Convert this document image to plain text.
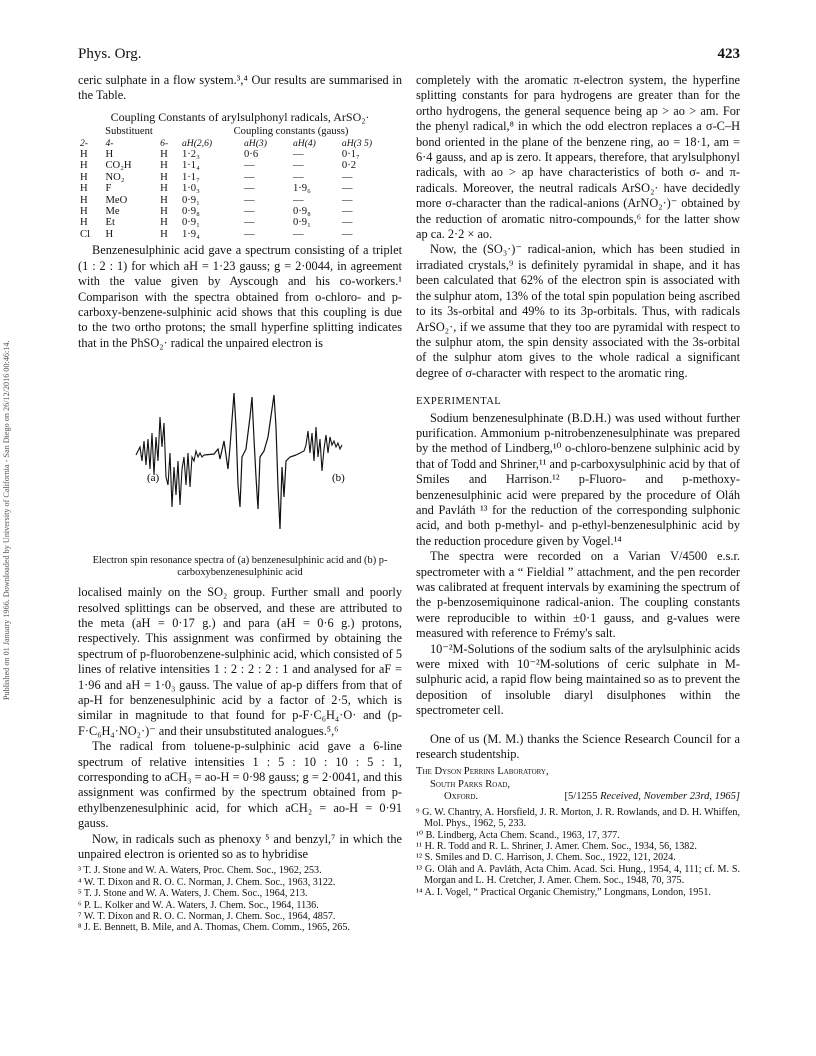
Published on 01 January 1966. Downloaded by University of California - San Diego on 26/12/2016 00:46:14.
Phys. Org.	423

ceric sulphate in a flow system.³,⁴ Our results are summarised in the Table.

Coupling Constants of arylsulphonyl radicals, ArSO₂·
Substituent			Coupling constants (gauss)			
2-	4-	6-	aH(2,6)	aH(3)	aH(4)	aH(3 5)
H	H	H	1·2₃	0·6	—	0·1₇
H	CO₂H	H	1·1₄	—	—	0·2
H	NO₂	H	1·1₇	—	—	—
H	F	H	1·0₃	—	1·9₆	—
H	MeO	H	0·9₁	—	—	—
H	Me	H	0·9₈	—	0·9₈	—
H	Et	H	0·9₁	—	0·9₁	—
Cl	H	H	1·9₄	—	—	—

Benzenesulphinic acid gave a spectrum consisting of a triplet (1 : 2 : 1) for which aH = 1·23 gauss; g = 2·0044, in agreement with the value given by Ayscough and his co-workers.¹ Comparison with the spectra obtained from o-chloro- and p-carboxy-benzene-sulphinic acid shows that this coupling is due to the two ortho protons; the small hyperfine splitting indicates that in the PhSO₂· radical the unpaired electron is

(a)	(b)
Electron spin resonance spectra of (a) benzenesulphinic acid and (b) p-carboxybenzenesulphinic acid

localised mainly on the SO₂ group. Further small and poorly resolved splittings can be observed, and these are attributed to the meta (aH = 0·17 g.) and para (aH = 0·6 g.) protons, respectively. This assignment was confirmed by obtaining the spectrum of p-fluorobenzene-sulphinic acid, which consisted of 5 lines of relative intensities 1 : 2 : 2 : 2 : 1 and analysed for aF = 1·96 and aH = 1·0₃ gauss. The value of ap-p differs from that of ap-H for benzenesulphinic acid by a factor of 2·5, which is similar in magnitude to that found for p-F·C₆H₄·O· and (p-F·C₆H₄·NO₂·)⁻ and their unsubstituted analogues.⁵,⁶

The radical from toluene-p-sulphinic acid gave a 6-line spectrum of relative intensities 1 : 5 : 10 : 10 : 5 : 1, corresponding to aCH₃ = ao-H = 0·98 gauss; g = 2·0041, and this assignment was confirmed by the spectrum obtained from p-ethylbenzenesulphinic acid, for which aCH₂ = ao-H = 0·91 gauss.

Now, in radicals such as phenoxy ⁵ and benzyl,⁷ in which the unpaired electron is oriented so as to hybridise

³ T. J. Stone and W. A. Waters, Proc. Chem. Soc., 1962, 253.

⁴ W. T. Dixon and R. O. C. Norman, J. Chem. Soc., 1963, 3122.

⁵ T. J. Stone and W. A. Waters, J. Chem. Soc., 1964, 213.

⁶ P. L. Kolker and W. A. Waters, J. Chem. Soc., 1964, 1136.

⁷ W. T. Dixon and R. O. C. Norman, J. Chem. Soc., 1964, 4857.

⁸ J. E. Bennett, B. Mile, and A. Thomas, Chem. Comm., 1965, 265.

completely with the aromatic π-electron system, the hyperfine splitting constants for para hydrogens are greater than for the ortho hydrogens, the general sequence being ap > ao > am. For the phenyl radical,⁸ in which the odd electron replaces a σ-C–H bond oriented in the plane of the benzene ring, ao = 18·1, am = 6·4 gauss, and ap is zero. It appears, therefore, that arylsulphonyl radicals, with ao > ap have characteristics of both σ- and π-radicals. Moreover, the neutral radicals ArSO₂· have decidedly more σ-character than the radical-anions (ArNO₂·)⁻ obtained by the reduction of aromatic nitro-compounds,⁶ for the latter show ap ca. 2·2 × ao.

Now, the (SO₃·)⁻ radical-anion, which has been studied in irradiated crystals,⁹ is definitely pyramidal in shape, and it has been calculated that 62% of the electron spin is associated with the sulphur atom, 13% of the total spin population being ascribed to its 3s-orbital and 49% to its 3p-orbitals. Thus, with radicals ArSO₂·, if we assume that they too are pyramidal with respect to the sulphur atom, the spin density associated with the 3s-orbital of the sulphur atom gives to the whole radical a significant degree of σ-character with respect to the aromatic ring.

EXPERIMENTAL

Sodium benzenesulphinate (B.D.H.) was used without further purification. Ammonium p-nitrobenzenesulphinate was prepared by the method of Lindberg,¹⁰ o-chloro-benzene sulphinic acid by that of Todd and Shriner,¹¹ and p-carboxysulphinic acid by that of Smiles and Harrison.¹² p-Fluoro- and p-methoxy-benzenesulphinic acid were prepared by the procedure of Oláh and Pavláth ¹³ for the reduction of the corresponding sulphonic acid, and both p-methyl- and p-ethyl-benzenesulphinic acid by the reduction procedure given by Vogel.¹⁴

The spectra were recorded on a Varian V/4500 e.s.r. spectrometer with a “ Fieldial ” attachment, and the pen recorder was calibrated at frequent intervals by examining the spectrum of the p-benzosemiquinone radical-anion. The coupling constants were reproducible to within ±0·1 gauss, and g-values were measured with reference to Frémy's salt.

10⁻²M-Solutions of the sodium salts of the arylsulphinic acids were mixed with 10⁻²M-solutions of ceric sulphate in M-sulphuric acid, a rapid flow being maintained so as to prevent the deposition of insoluble diaryl disulphones within the spectrometer cell.

One of us (M. M.) thanks the Science Research Council for a research studentship.

The Dyson Perrins Laboratory,
South Parks Road,
Oxford.	[5/1255 Received, November 23rd, 1965]

⁹ G. W. Chantry, A. Horsfield, J. R. Morton, J. R. Rowlands, and D. H. Whiffen, Mol. Phys., 1962, 5, 233.

¹⁰ B. Lindberg, Acta Chem. Scand., 1963, 17, 377.

¹¹ H. R. Todd and R. L. Shriner, J. Amer. Chem. Soc., 1934, 56, 1382.

¹² S. Smiles and D. C. Harrison, J. Chem. Soc., 1922, 121, 2024.

¹³ G. Oláh and A. Pavláth, Acta Chim. Acad. Sci. Hung., 1954, 4, 111; cf. M. S. Morgan and L. H. Cretcher, J. Amer. Chem. Soc., 1948, 70, 375.

¹⁴ A. I. Vogel, “ Practical Organic Chemistry,” Longmans, London, 1951.
